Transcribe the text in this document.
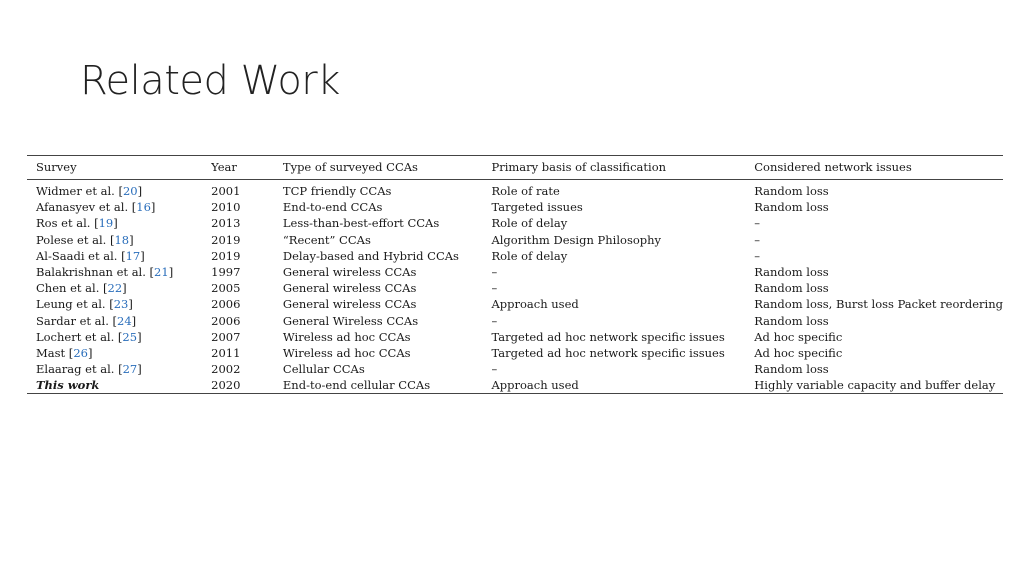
Related Work
Survey	Year	Type of surveyed CCAs	Primary basis of classification	Considered network issues
Widmer et al. [20]	2001	TCP friendly CCAs	Role of rate	Random loss
Afanasyev et al. [16]	2010	End-to-end CCAs	Targeted issues	Random loss
Ros et al. [19]	2013	Less-than-best-effort CCAs	Role of delay	–
Polese et al. [18]	2019	“Recent” CCAs	Algorithm Design Philosophy	–
Al-Saadi et al. [17]	2019	Delay-based and Hybrid CCAs	Role of delay	–
Balakrishnan et al. [21]	1997	General wireless CCAs	–	Random loss
Chen et al. [22]	2005	General wireless CCAs	–	Random loss
Leung et al. [23]	2006	General wireless CCAs	Approach used	Random loss, Burst loss Packet reordering
Sardar et al. [24]	2006	General Wireless CCAs	–	Random loss
Lochert et al. [25]	2007	Wireless ad hoc CCAs	Targeted ad hoc network specific issues	Ad hoc specific
Mast [26]	2011	Wireless ad hoc CCAs	Targeted ad hoc network specific issues	Ad hoc specific
Elaarag et al. [27]	2002	Cellular CCAs	–	Random loss
This work	2020	End-to-end cellular CCAs	Approach used	Highly variable capacity and buffer delay
